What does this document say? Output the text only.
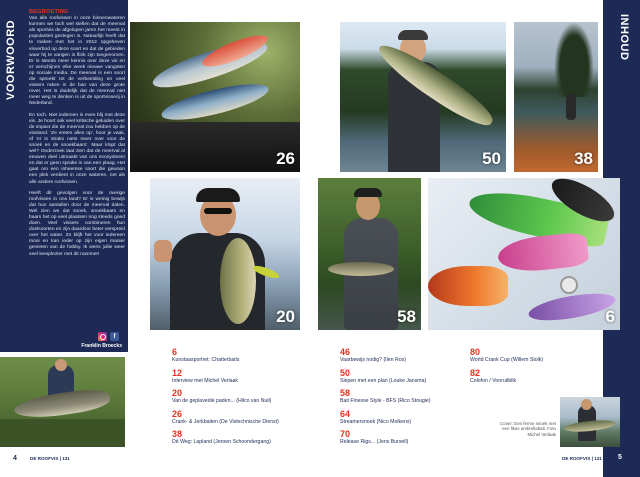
VOORWOORD
BEGROETING

Van alle roofvissen in onze binnenwateren kunnen we toch wel stellen dat de meerval als sportvis de afgelopen jaren het meest in populariteit gestegen is. Natuurlijk heeft dat te maken met het in 2012 opgeheven visverbod op deze soort en dat de gebieden waar hij te vangen is flink zijn toegenomen. Er is steeds meer kennis over deze vis en er verschijnen elke week nieuwe vangsten op sociale media. De meerval is een soort die spreekt tot de verbeelding en veel vissers raken in de ban van deze grote rover. Het is duidelijk dat de meerval niet meer weg te denken is uit de sportvisserij in Nederland.

En toch. Niet iedereen is even blij met deze vis. Je hoort ook veel kritische geluiden over de impact die de meerval zou hebben op de visstand. 'Ze vreten alles op', hoor je vaak, of 'er is straks niets meer over voor de snoek en de snoekbaars'. Maar klopt dat wel? Onderzoek laat zien dat de meerval al eeuwen deel uitmaakt van ons ecosysteem en dat er geen sprake is van een plaag. Het gaat om een inheemse soort die gewoon een plek verdient in onze wateren, net als alle andere roofvissen.

Heeft dit gevolgen voor de overige roofvissen in ons land? Er is weinig bewijs dat hun aantallen door de meerval dalen. Wel zien we dat snoek, snoekbaars en baars het op veel plaatsen nog steeds goed doen. Veel vissers combineren hun doelsoorten en zijn daardoor beter verspreid over het water. Zo blijft het voor iedereen mooi en kan ieder op zijn eigen manier genieten van de hobby. Ik wens jullie weer veel leesplezier met dit nummer!

f
Franklin Broeckx
4	DE ROOFVIS | 131
26	50	38
20	58	6
INHOUD
6
Kunstaasportret: Chatterbaits
12
Interview met Michel Verlaak
20
Van de geplaveide paden... (Hilco van Nuil)
26
Crank- & Jerkbaiten (De Vistechnische Dienst)
38
Dé Weg: Lapland (Jeroen Schoondergang)
46
Vaarbewijs nodig? (Ilen Ros)
50
Slepen met een plan (Louke Jansma)
58
Bait Finesse Style - BFS (Rico Stougie)
64
Streamersnoek (Nico Molkens)
70
Release Rigs... (Jens Bursell)
80
World Crank Cup (Willem Stolk)
82
Colofon / Vooruitblik
Cover: Een ferme snoek met een fikse umbrellabait. Foto Michel Verlaak
DE ROOFVIS | 131 5
